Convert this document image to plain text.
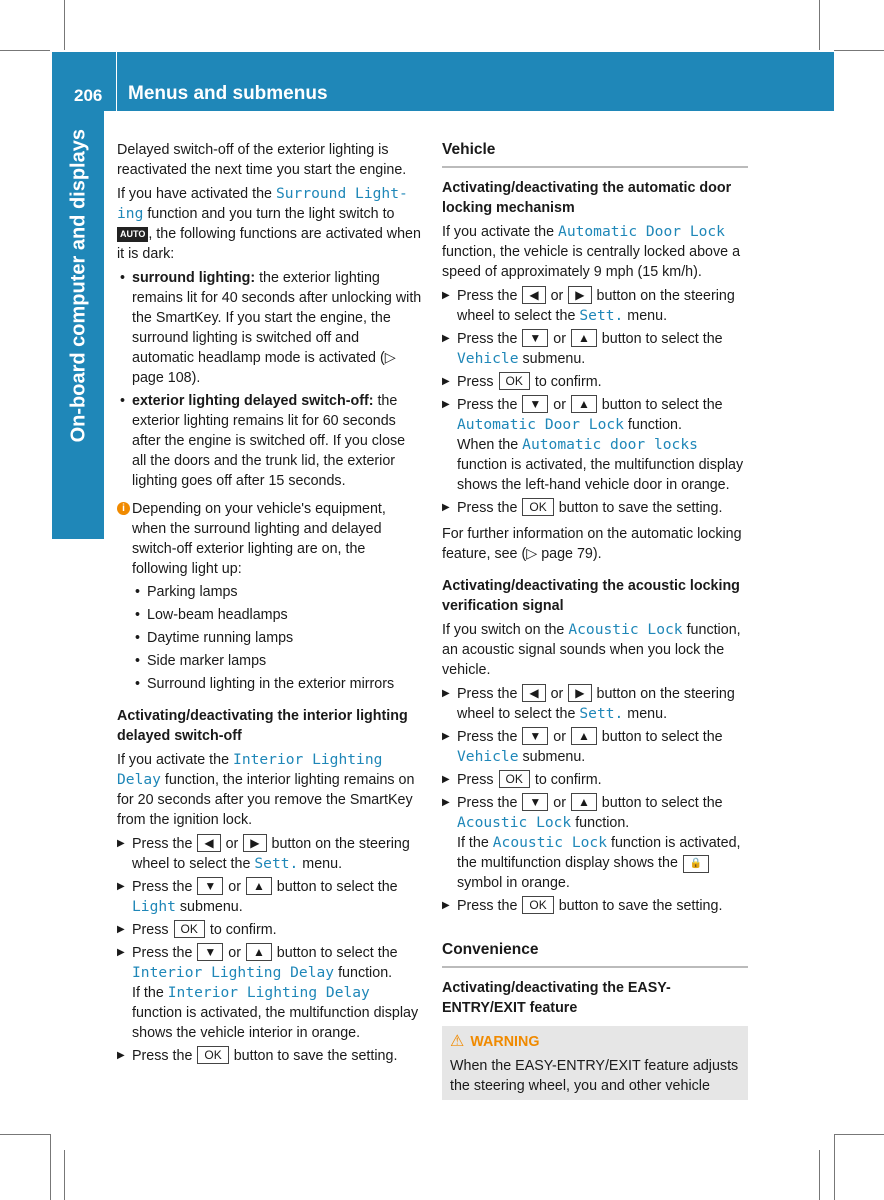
206 Menus and submenus
On-board computer and displays Delayed switch-off of the exterior lighting is reactivated the next time you start the engine.

If you have activated the Surround Light-ing function and you turn the light switch to AUTO , the following functions are activated when it is dark:

• surround lighting: the exterior lighting remains lit for 40 seconds after unlocking with the SmartKey. If you start the engine, the surround lighting is switched off and automatic headlamp mode is activated (▷ page 108).
• exterior lighting delayed switch-off: the exterior lighting remains lit for 60 seconds after the engine is switched off. If you close all the doors and the trunk lid, the exterior lighting goes off after 15 seconds.
i Depending on your vehicle's equipment, when the surround lighting and delayed switch-off exterior lighting are on, the following light up:
• Parking lamps
• Low-beam headlamps
• Daytime running lamps
• Side marker lamps
• Surround lighting in the exterior mirrors

Activating/deactivating the interior lighting delayed switch-off

If you activate the Interior Lighting Delay function, the interior lighting remains on for 20 seconds after you remove the SmartKey from the ignition lock.

▶ Press the ◀ or ▶ button on the steering wheel to select the Sett. menu.
▶ Press the ▼ or ▲ button to select the Light submenu.
▶ Press OK to confirm.
▶ Press the ▼ or ▲ button to select the Interior Lighting Delay function.
If the Interior Lighting Delay function is activated, the multifunction display shows the vehicle interior in orange.
▶ Press the OK button to save the setting.
Vehicle

Activating/deactivating the automatic door locking mechanism

If you activate the Automatic Door Lock function, the vehicle is centrally locked above a speed of approximately 9 mph (15 km/h).

▶ Press the ◀ or ▶ button on the steering wheel to select the Sett. menu.
▶ Press the ▼ or ▲ button to select the Vehicle submenu.
▶ Press OK to confirm.
▶ Press the ▼ or ▲ button to select the Automatic Door Lock function.
When the Automatic door locks function is activated, the multifunction display shows the left-hand vehicle door in orange.
▶ Press the OK button to save the setting.

For further information on the automatic locking feature, see (▷ page 79).

Activating/deactivating the acoustic locking verification signal

If you switch on the Acoustic Lock function, an acoustic signal sounds when you lock the vehicle.

▶ Press the ◀ or ▶ button on the steering wheel to select the Sett. menu.
▶ Press the ▼ or ▲ button to select the Vehicle submenu.
▶ Press OK to confirm.
▶ Press the ▼ or ▲ button to select the Acoustic Lock function.
If the Acoustic Lock function is activated, the multifunction display shows the 🔒 symbol in orange.
▶ Press the OK button to save the setting.
Convenience

Activating/deactivating the EASY-ENTRY/EXIT feature

⚠ WARNING
When the EASY-ENTRY/EXIT feature adjusts the steering wheel, you and other vehicle
